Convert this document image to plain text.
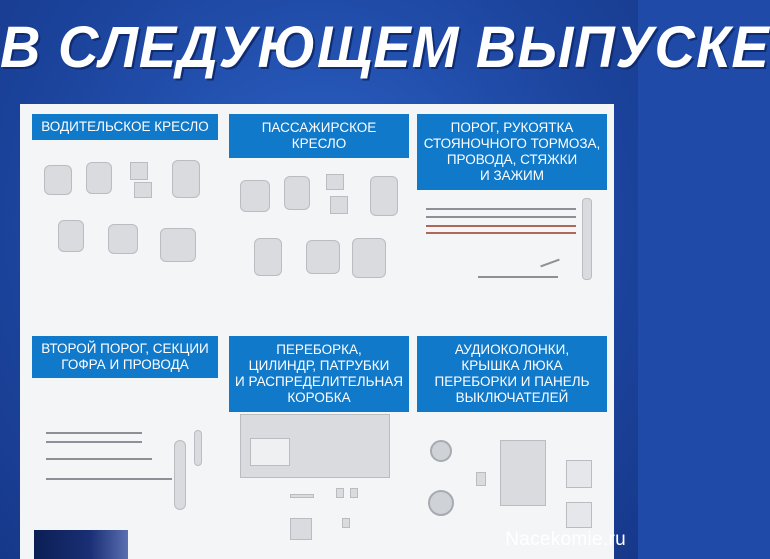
В СЛЕДУЮЩЕМ ВЫПУСКЕ
ВОДИТЕЛЬСКОЕ КРЕСЛО	ПАССАЖИРСКОЕ
КРЕСЛО
ПОРОГ, РУКОЯТКА
СТОЯНОЧНОГО ТОРМОЗА,
ПРОВОДА, СТЯЖКИ
И ЗАЖИМ
ВТОРОЙ ПОРОГ, СЕКЦИИ
ГОФРА И ПРОВОДА
ПЕРЕБОРКА,
ЦИЛИНДР, ПАТРУБКИ
И РАСПРЕДЕЛИТЕЛЬНАЯ
КОРОБКА
АУДИОКОЛОНКИ,
КРЫШКА ЛЮКА
ПЕРЕБОРКИ И ПАНЕЛЬ
ВЫКЛЮЧАТЕЛЕЙ
Nacekomie.ru
